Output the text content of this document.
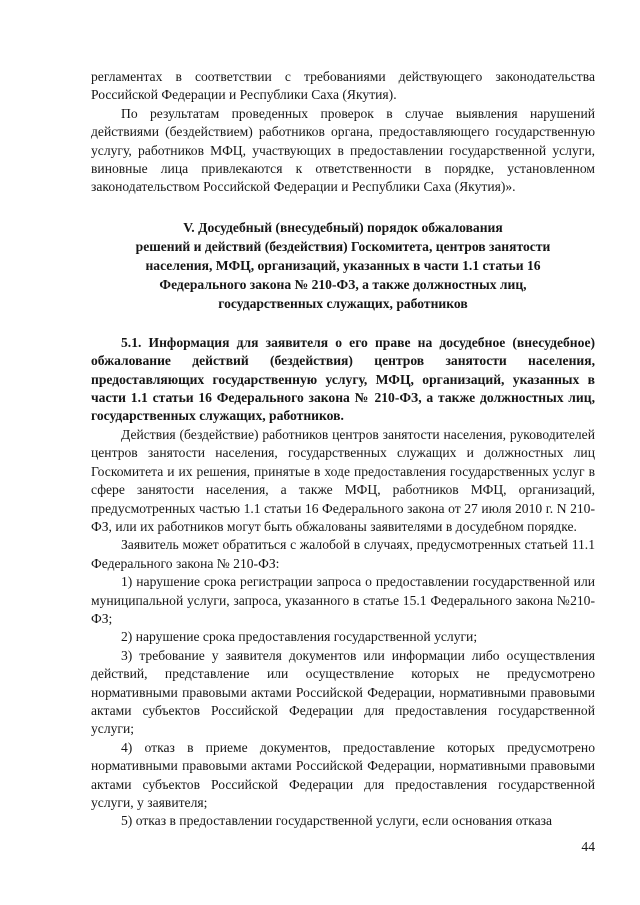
регламентах в соответствии с требованиями действующего законодательства Российской Федерации и Республики Саха (Якутия).

По результатам проведенных проверок в случае выявления нарушений действиями (бездействием) работников органа, предоставляющего государственную услугу, работников МФЦ, участвующих в предоставлении государственной услуги, виновные лица привлекаются к ответственности в порядке, установленном законодательством Российской Федерации и Республики Саха (Якутия)».

V. Досудебный (внесудебный) порядок обжалования
решений и действий (бездействия) Госкомитета, центров занятости
населения, МФЦ, организаций, указанных в части 1.1 статьи 16
Федерального закона № 210-ФЗ, а также должностных лиц,
государственных служащих, работников

5.1. Информация для заявителя о его праве на досудебное (внесудебное) обжалование действий (бездействия) центров занятости населения, предоставляющих государственную услугу, МФЦ, организаций, указанных в части 1.1 статьи 16 Федерального закона № 210-ФЗ, а также должностных лиц, государственных служащих, работников.

Действия (бездействие) работников центров занятости населения, руководителей центров занятости населения, государственных служащих и должностных лиц Госкомитета и их решения, принятые в ходе предоставления государственных услуг в сфере занятости населения, а также МФЦ, работников МФЦ, организаций, предусмотренных частью 1.1 статьи 16 Федерального закона от 27 июля 2010 г. N 210-ФЗ, или их работников могут быть обжалованы заявителями в досудебном порядке.

Заявитель может обратиться с жалобой в случаях, предусмотренных статьей 11.1 Федерального закона № 210-ФЗ:

1) нарушение срока регистрации запроса о предоставлении государственной или муниципальной услуги, запроса, указанного в статье 15.1 Федерального закона №210-ФЗ;

2) нарушение срока предоставления государственной услуги;

3) требование у заявителя документов или информации либо осуществления действий, представление или осуществление которых не предусмотрено нормативными правовыми актами Российской Федерации, нормативными правовыми актами субъектов Российской Федерации для предоставления государственной услуги;

4) отказ в приеме документов, предоставление которых предусмотрено нормативными правовыми актами Российской Федерации, нормативными правовыми актами субъектов Российской Федерации для предоставления государственной услуги, у заявителя;

5) отказ в предоставлении государственной услуги, если основания отказа

44
